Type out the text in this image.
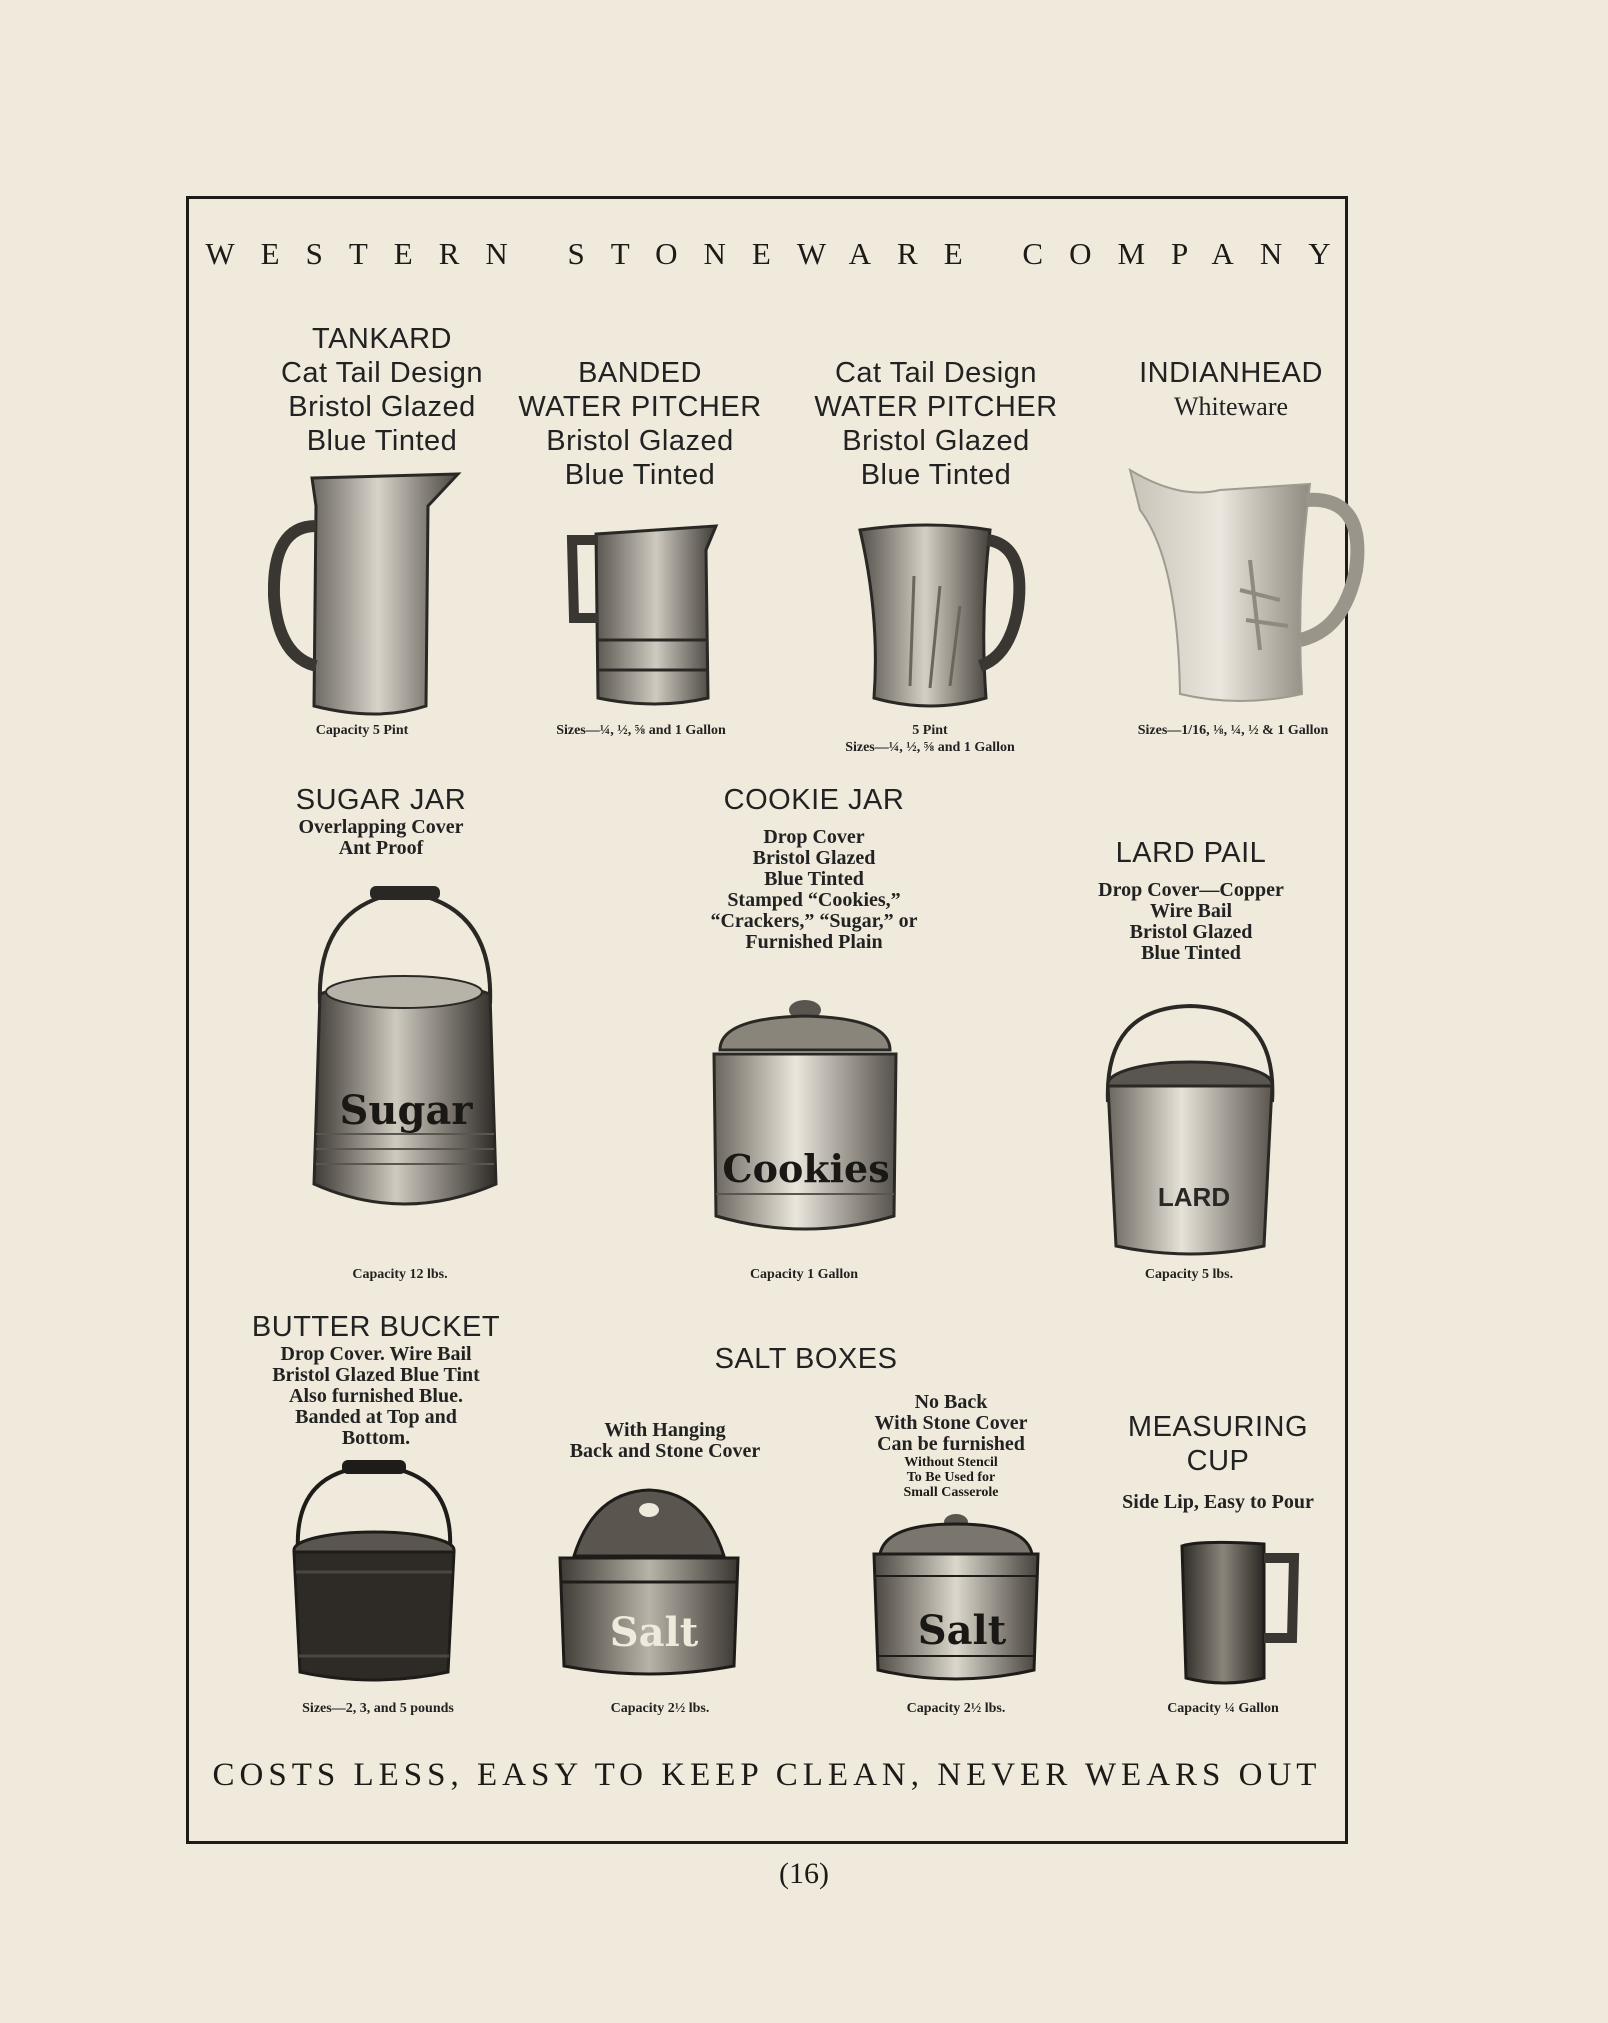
WESTERN STONEWARE COMPANY
TANKARD
Cat Tail Design
Bristol Glazed
Blue Tinted
Capacity 5 Pint
BANDED
WATER PITCHER
Bristol Glazed
Blue Tinted
Sizes—¼, ½, ⅝ and 1 Gallon
Cat Tail Design
WATER PITCHER
Bristol Glazed
Blue Tinted
5 Pint
Sizes—¼, ½, ⅝ and 1 Gallon
INDIANHEAD
Whiteware
Sizes—1/16, ⅛, ¼, ½ & 1 Gallon
SUGAR JAR
Overlapping Cover
Ant Proof
Sugar
Capacity 12 lbs.
COOKIE JAR
Drop Cover
Bristol Glazed
Blue Tinted
Stamped “Cookies,”
“Crackers,” “Sugar,” or
Furnished Plain
Cookies
Capacity 1 Gallon
LARD PAIL
Drop Cover—Copper
Wire Bail
Bristol Glazed
Blue Tinted
LARD
Capacity 5 lbs.
BUTTER BUCKET
Drop Cover. Wire Bail
Bristol Glazed Blue Tint
Also furnished Blue.
Banded at Top and
Bottom.
Sizes—2, 3, and 5 pounds
SALT BOXES
With Hanging
Back and Stone Cover
Salt
Capacity 2½ lbs.
No Back
With Stone Cover
Can be furnished
Without Stencil
To Be Used for
Small Casserole
Salt
Capacity 2½ lbs.
MEASURING
CUP
Side Lip, Easy to Pour
Capacity ¼ Gallon
COSTS LESS, EASY TO KEEP CLEAN, NEVER WEARS OUT
(16)
